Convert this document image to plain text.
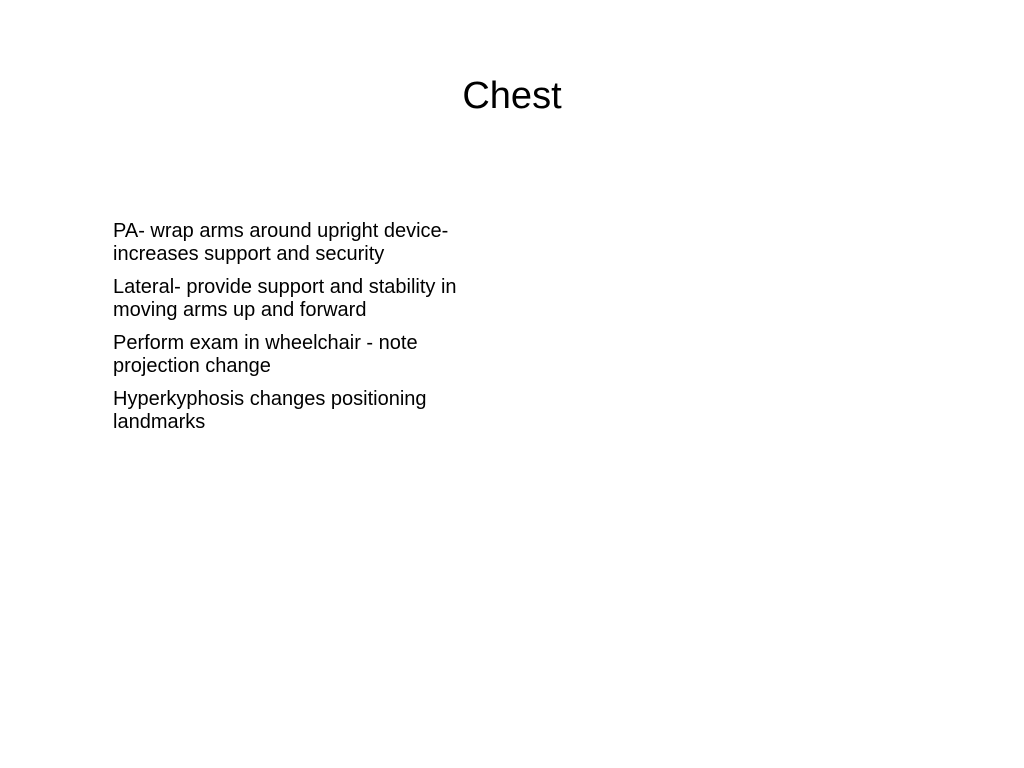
Chest
PA- wrap arms around upright device- increases support and security
Lateral- provide support and stability in moving arms up and forward
Perform exam in wheelchair - note projection change
Hyperkyphosis changes positioning landmarks
